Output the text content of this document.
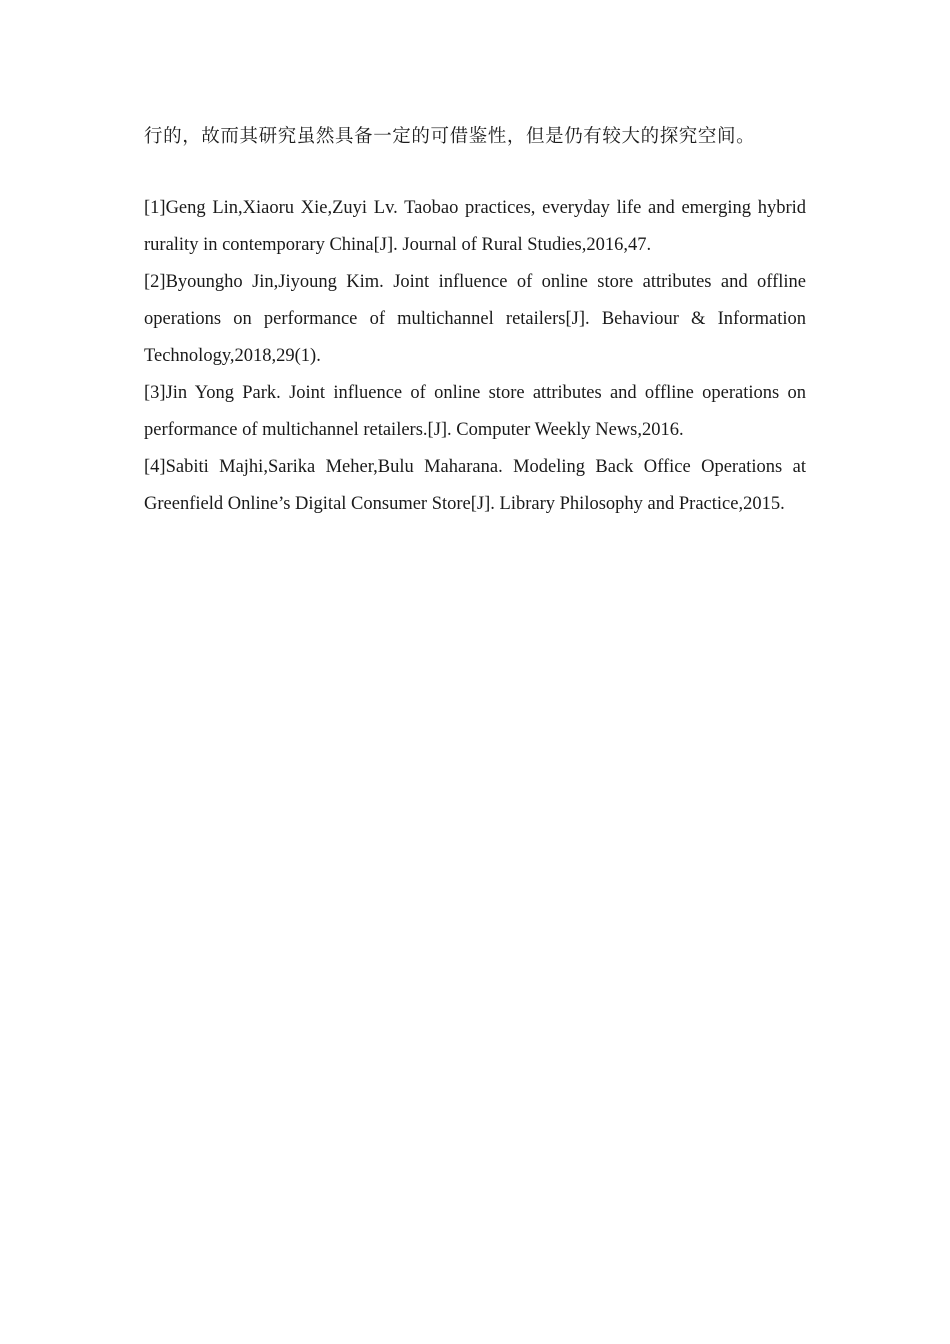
行的，故而其研究虽然具备一定的可借鉴性，但是仍有较大的探究空间。

[1]Geng Lin,Xiaoru Xie,Zuyi Lv. Taobao practices, everyday life and emerging hybrid rurality in contemporary China[J]. Journal of Rural Studies,2016,47.

[2]Byoungho Jin,Jiyoung Kim. Joint influence of online store attributes and offline operations on performance of multichannel retailers[J]. Behaviour & Information Technology,2018,29(1).

[3]Jin Yong Park. Joint influence of online store attributes and offline operations on performance of multichannel retailers.[J]. Computer Weekly News,2016.

[4]Sabiti Majhi,Sarika Meher,Bulu Maharana. Modeling Back Office Operations at Greenfield Online’s Digital Consumer Store[J]. Library Philosophy and Practice,2015.
